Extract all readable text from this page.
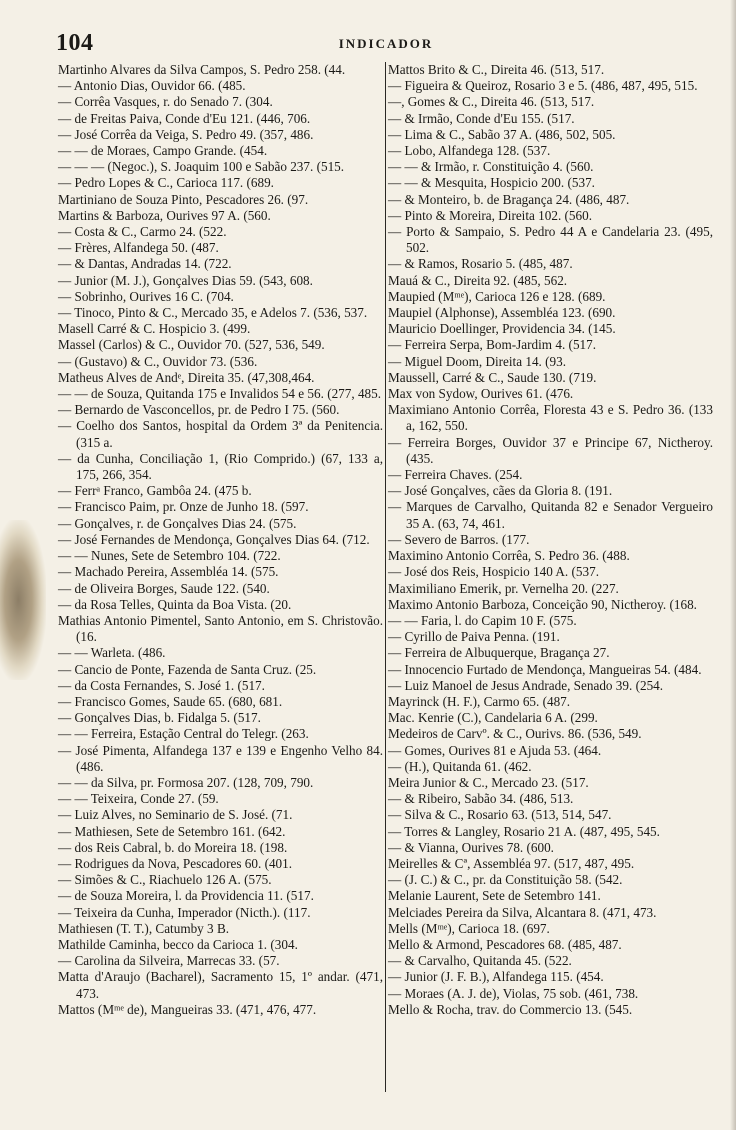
104	INDICADOR
Martinho Alvares da Silva Campos, S. Pedro 258. (44.
— Antonio Dias, Ouvidor 66. (485.
— Corrêa Vasques, r. do Senado 7. (304.
— de Freitas Paiva, Conde d'Eu 121. (446, 706.
— José Corrêa da Veiga, S. Pedro 49. (357, 486.
— — de Moraes, Campo Grande. (454.
— — — (Negoc.), S. Joaquim 100 e Sabão 237. (515.
— Pedro Lopes & C., Carioca 117. (689.
Martiniano de Souza Pinto, Pescadores 26. (97.
Martins & Barboza, Ourives 97 A. (560.
— Costa & C., Carmo 24. (522.
— Frères, Alfandega 50. (487.
— & Dantas, Andradas 14. (722.
— Junior (M. J.), Gonçalves Dias 59. (543, 608.
— Sobrinho, Ourives 16 C. (704.
— Tinoco, Pinto & C., Mercado 35, e Adelos 7. (536, 537.
Masell Carré & C. Hospicio 3. (499.
Massel (Carlos) & C., Ouvidor 70. (527, 536, 549.
— (Gustavo) & C., Ouvidor 73. (536.
Matheus Alves de Andᵉ, Direita 35. (47,308,464.
— — de Souza, Quitanda 175 e Invalidos 54 e 56. (277, 485.
— Bernardo de Vasconcellos, pr. de Pedro I 75. (560.
— Coelho dos Santos, hospital da Ordem 3ª da Penitencia. (315 a.
— da Cunha, Conciliação 1, (Rio Comprido.) (67, 133 a, 175, 266, 354.
— Ferrᵃ Franco, Gambôa 24. (475 b.
— Francisco Paim, pr. Onze de Junho 18. (597.
— Gonçalves, r. de Gonçalves Dias 24. (575.
— José Fernandes de Mendonça, Gonçalves Dias 64. (712.
— — Nunes, Sete de Setembro 104. (722.
— Machado Pereira, Assembléa 14. (575.
— de Oliveira Borges, Saude 122. (540.
— da Rosa Telles, Quinta da Boa Vista. (20.
Mathias Antonio Pimentel, Santo Antonio, em S. Christovão. (16.
— — Warleta. (486.
— Cancio de Ponte, Fazenda de Santa Cruz. (25.
— da Costa Fernandes, S. José 1. (517.
— Francisco Gomes, Saude 65. (680, 681.
— Gonçalves Dias, b. Fidalga 5. (517.
— — Ferreira, Estação Central do Telegr. (263.
— José Pimenta, Alfandega 137 e 139 e Engenho Velho 84. (486.
— — da Silva, pr. Formosa 207. (128, 709, 790.
— — Teixeira, Conde 27. (59.
— Luiz Alves, no Seminario de S. José. (71.
— Mathiesen, Sete de Setembro 161. (642.
— dos Reis Cabral, b. do Moreira 18. (198.
— Rodrigues da Nova, Pescadores 60. (401.
— Simões & C., Riachuelo 126 A. (575.
— de Souza Moreira, l. da Providencia 11. (517.
— Teixeira da Cunha, Imperador (Nicth.). (117.
Mathiesen (T. T.), Catumby 3 B.
Mathilde Caminha, becco da Carioca 1. (304.
— Carolina da Silveira, Marrecas 33. (57.
Matta d'Araujo (Bacharel), Sacramento 15, 1º andar. (471, 473.
Mattos (Mᵐᵉ de), Mangueiras 33. (471, 476, 477.
Mattos Brito & C., Direita 46. (513, 517.
— Figueira & Queiroz, Rosario 3 e 5. (486, 487, 495, 515.
—, Gomes & C., Direita 46. (513, 517.
— & Irmão, Conde d'Eu 155. (517.
— Lima & C., Sabão 37 A. (486, 502, 505.
— Lobo, Alfandega 128. (537.
— — & Irmão, r. Constituição 4. (560.
— — & Mesquita, Hospicio 200. (537.
— & Monteiro, b. de Bragança 24. (486, 487.
— Pinto & Moreira, Direita 102. (560.
— Porto & Sampaio, S. Pedro 44 A e Candelaria 23. (495, 502.
— & Ramos, Rosario 5. (485, 487.
Mauá & C., Direita 92. (485, 562.
Maupied (Mᵐᵉ), Carioca 126 e 128. (689.
Maupiel (Alphonse), Assembléa 123. (690.
Mauricio Doellinger, Providencia 34. (145.
— Ferreira Serpa, Bom-Jardim 4. (517.
— Miguel Doom, Direita 14. (93.
Maussell, Carré & C., Saude 130. (719.
Max von Sydow, Ourives 61. (476.
Maximiano Antonio Corrêa, Floresta 43 e S. Pedro 36. (133 a, 162, 550.
— Ferreira Borges, Ouvidor 37 e Principe 67, Nictheroy. (435.
— Ferreira Chaves. (254.
— José Gonçalves, cães da Gloria 8. (191.
— Marques de Carvalho, Quitanda 82 e Senador Vergueiro 35 A. (63, 74, 461.
— Severo de Barros. (177.
Maximino Antonio Corrêa, S. Pedro 36. (488.
— José dos Reis, Hospicio 140 A. (537.
Maximiliano Emerik, pr. Vernelha 20. (227.
Maximo Antonio Barboza, Conceição 90, Nictheroy. (168.
— — Faria, l. do Capim 10 F. (575.
— Cyrillo de Paiva Penna. (191.
— Ferreira de Albuquerque, Bragança 27.
— Innocencio Furtado de Mendonça, Mangueiras 54. (484.
— Luiz Manoel de Jesus Andrade, Senado 39. (254.
Mayrinck (H. F.), Carmo 65. (487.
Mac. Kenrie (C.), Candelaria 6 A. (299.
Medeiros de Carvº. & C., Ourivs. 86. (536, 549.
— Gomes, Ourives 81 e Ajuda 53. (464.
— (H.), Quitanda 61. (462.
Meira Junior & C., Mercado 23. (517.
— & Ribeiro, Sabão 34. (486, 513.
— Silva & C., Rosario 63. (513, 514, 547.
— Torres & Langley, Rosario 21 A. (487, 495, 545.
— & Vianna, Ourives 78. (600.
Meirelles & Cª, Assembléa 97. (517, 487, 495.
— (J. C.) & C., pr. da Constituição 58. (542.
Melanie Laurent, Sete de Setembro 141.
Melciades Pereira da Silva, Alcantara 8. (471, 473.
Mells (Mᵐᵉ), Carioca 18. (697.
Mello & Armond, Pescadores 68. (485, 487.
— & Carvalho, Quitanda 45. (522.
— Junior (J. F. B.), Alfandega 115. (454.
— Moraes (A. J. de), Violas, 75 sob. (461, 738.
Mello & Rocha, trav. do Commercio 13. (545.
